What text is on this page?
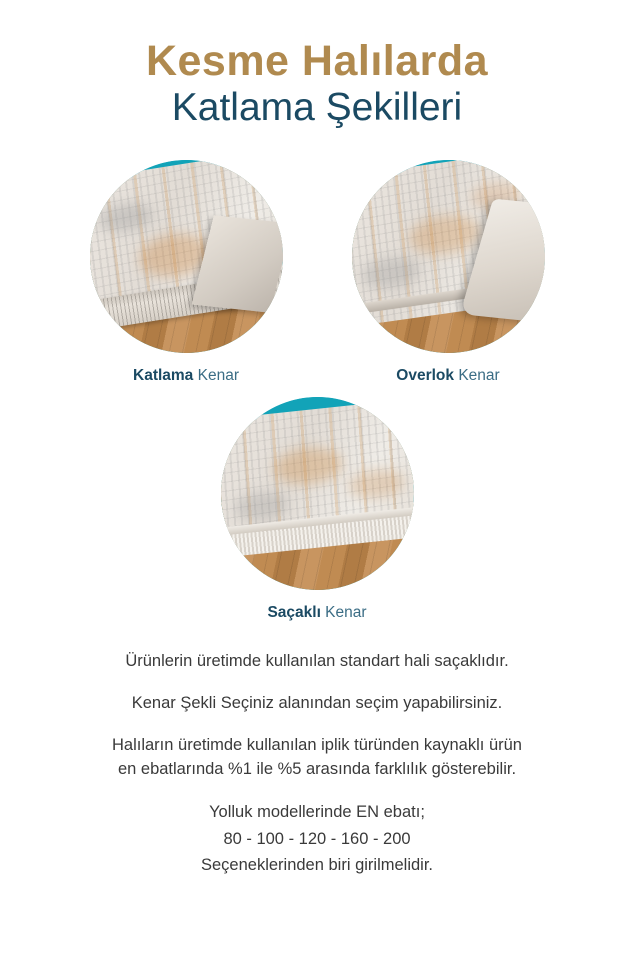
Kesme Halılarda
Katlama Şekilleri
Katlama Kenar	Overlok Kenar
Saçaklı Kenar

Ürünlerin üretimde kullanılan standart hali saçaklıdır.

Kenar Şekli Seçiniz alanından seçim yapabilirsiniz.

Halıların üretimde kullanılan iplik türünden kaynaklı ürün
en ebatlarında %1 ile %5 arasında farklılık gösterebilir.

Yolluk modellerinde EN ebatı;
80 - 100 - 120 - 160 - 200
Seçeneklerinden biri girilmelidir.
